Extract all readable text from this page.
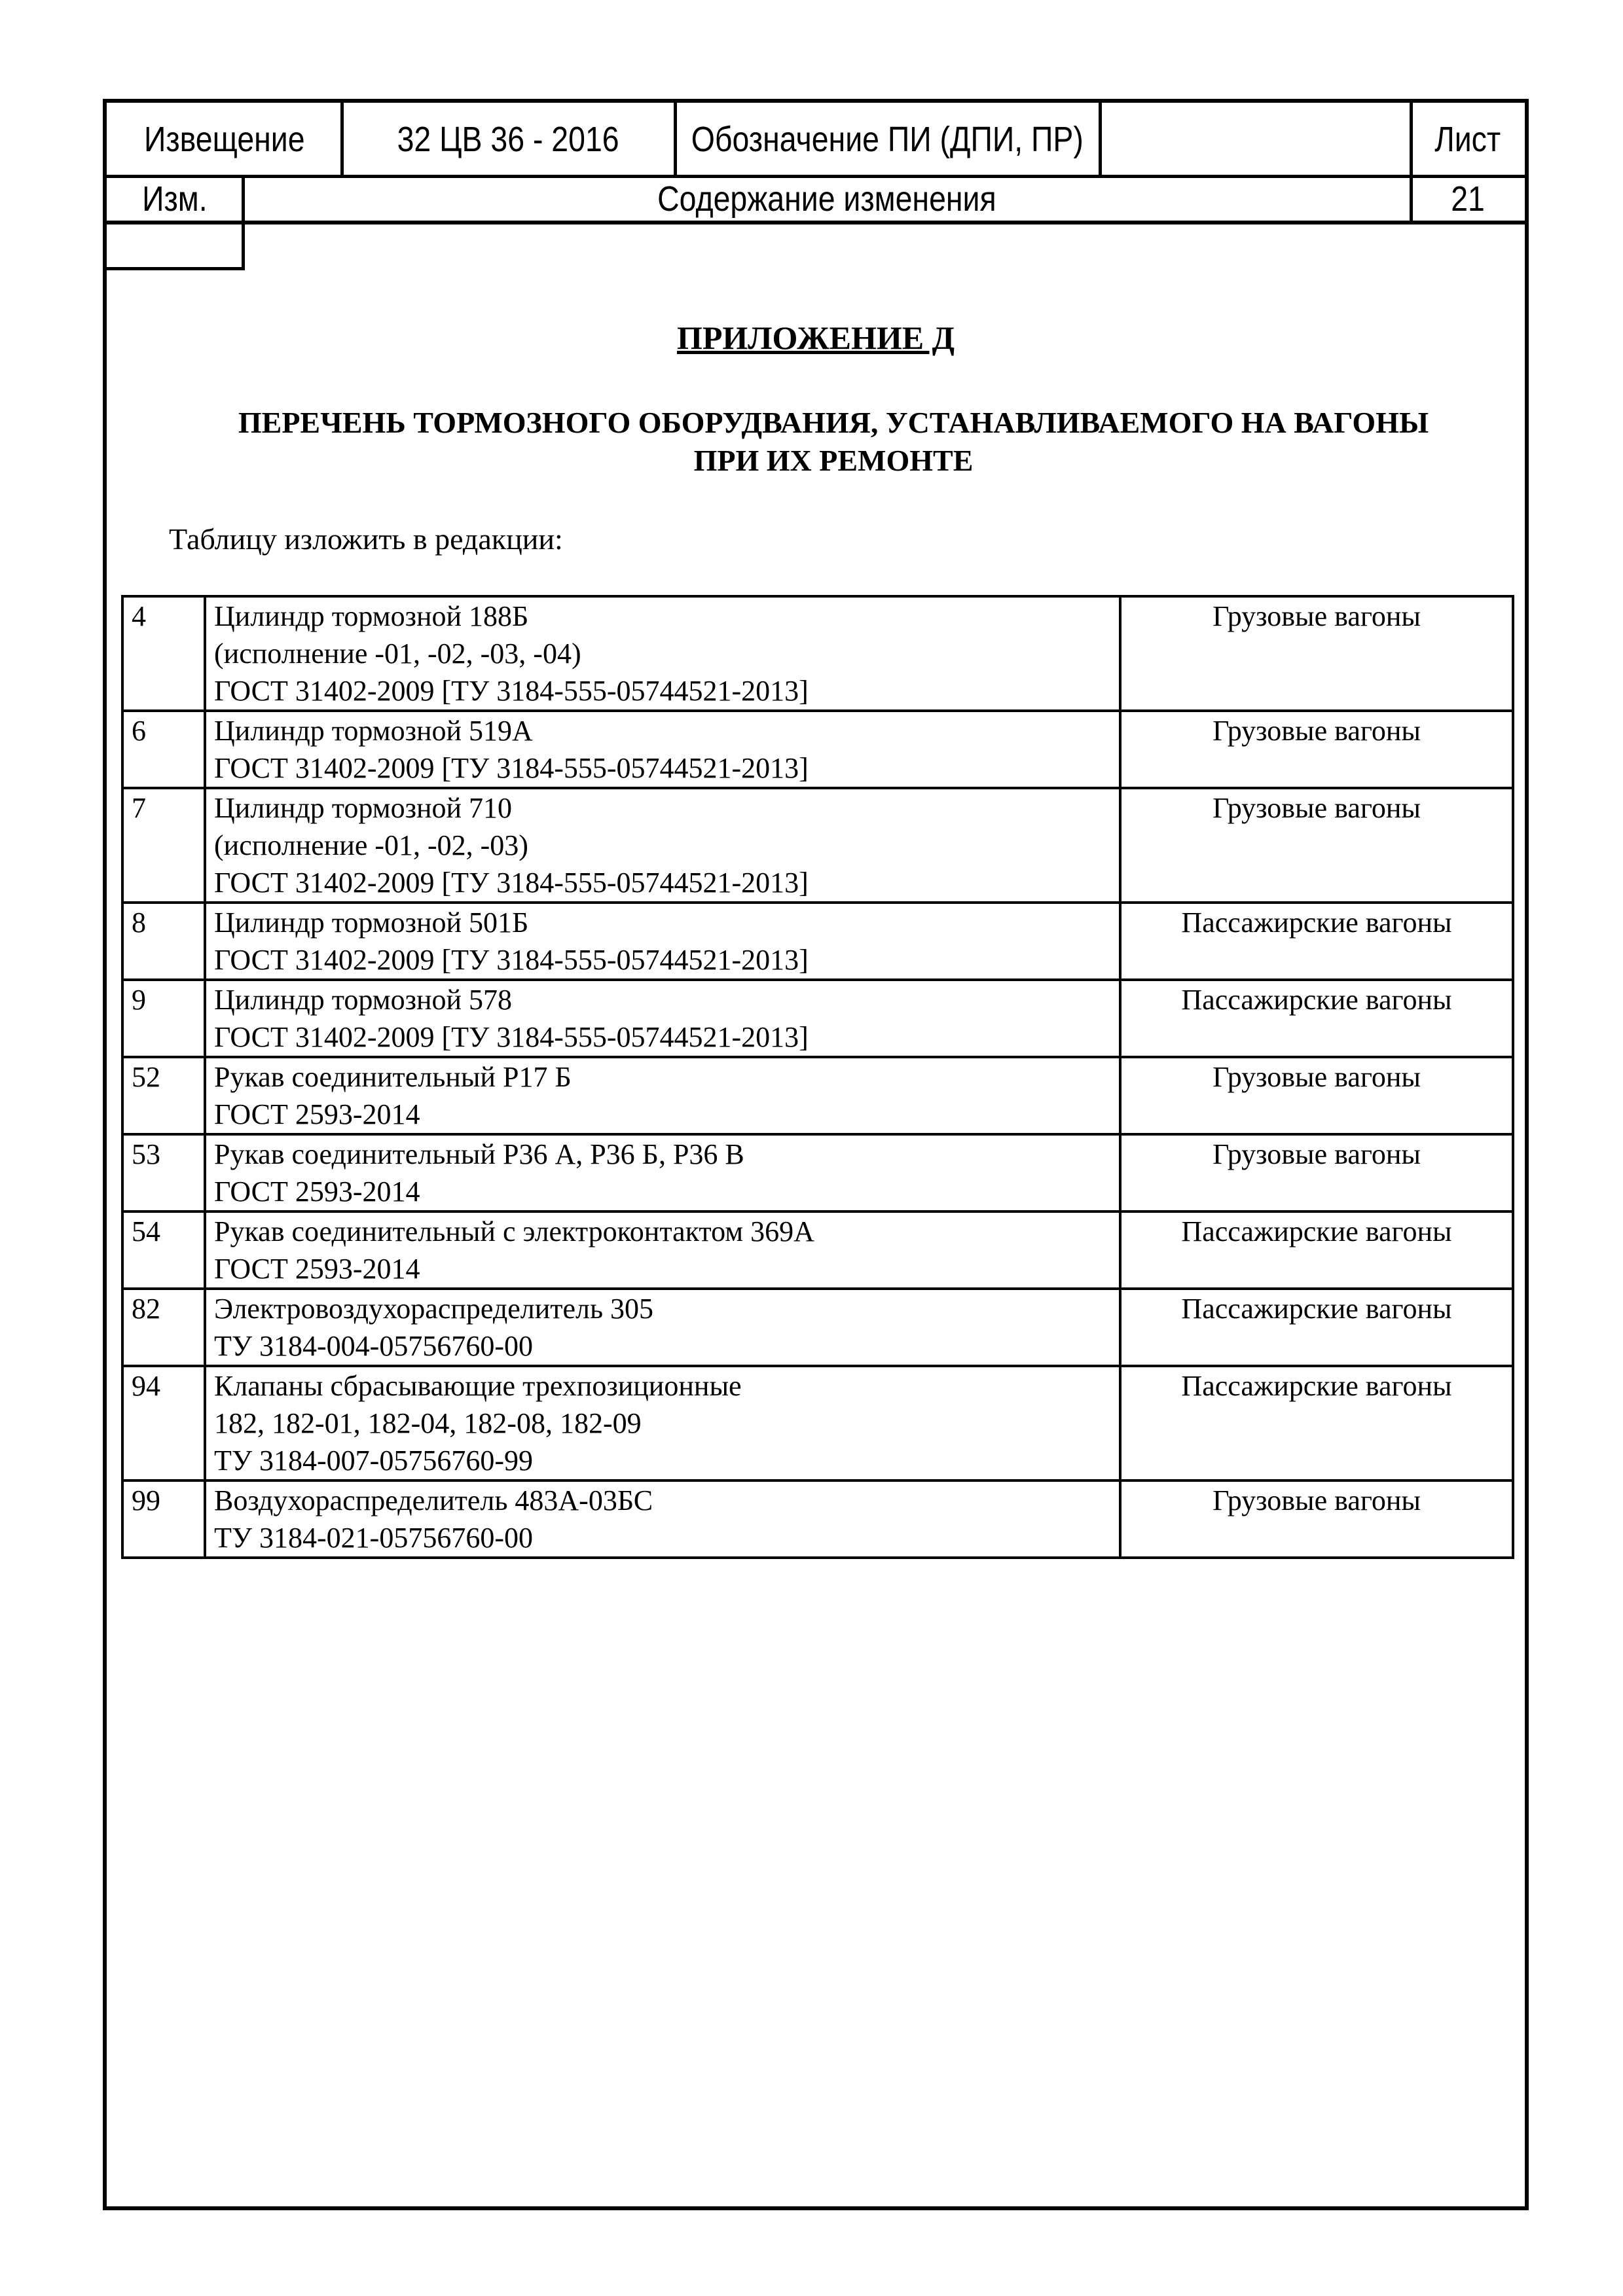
Извещение	32 ЦВ 36 - 2016 Обозначение ПИ (ДПИ, ПР)	Лист
Изм.	Содержание изменения	21
ПРИЛОЖЕНИЕ Д
ПЕРЕЧЕНЬ ТОРМОЗНОГО ОБОРУДВАНИЯ, УСТАНАВЛИВАЕМОГО НА ВАГОНЫ
ПРИ ИХ РЕМОНТЕ
Таблицу изложить в редакции:
4	Цилиндр тормозной 188Б
(исполнение -01, -02, -03, -04)
ГОСТ 31402-2009 [ТУ 3184-555-05744521-2013]	Грузовые вагоны
6	Цилиндр тормозной 519А
ГОСТ 31402-2009 [ТУ 3184-555-05744521-2013]	Грузовые вагоны
7	Цилиндр тормозной 710
(исполнение -01, -02, -03)
ГОСТ 31402-2009 [ТУ 3184-555-05744521-2013]	Грузовые вагоны
8	Цилиндр тормозной 501Б
ГОСТ 31402-2009 [ТУ 3184-555-05744521-2013]	Пассажирские вагоны
9	Цилиндр тормозной 578
ГОСТ 31402-2009 [ТУ 3184-555-05744521-2013]	Пассажирские вагоны
52	Рукав соединительный Р17 Б
ГОСТ 2593-2014	Грузовые вагоны
53	Рукав соединительный Р36 А, Р36 Б, Р36 В
ГОСТ 2593-2014	Грузовые вагоны
54	Рукав соединительный с электроконтактом 369А
ГОСТ 2593-2014	Пассажирские вагоны
82	Электровоздухораспределитель 305
ТУ 3184-004-05756760-00	Пассажирские вагоны
94	Клапаны сбрасывающие трехпозиционные
182, 182-01, 182-04, 182-08, 182-09
ТУ 3184-007-05756760-99	Пассажирские вагоны
99	Воздухораспределитель 483А-03БС
ТУ 3184-021-05756760-00	Грузовые вагоны
